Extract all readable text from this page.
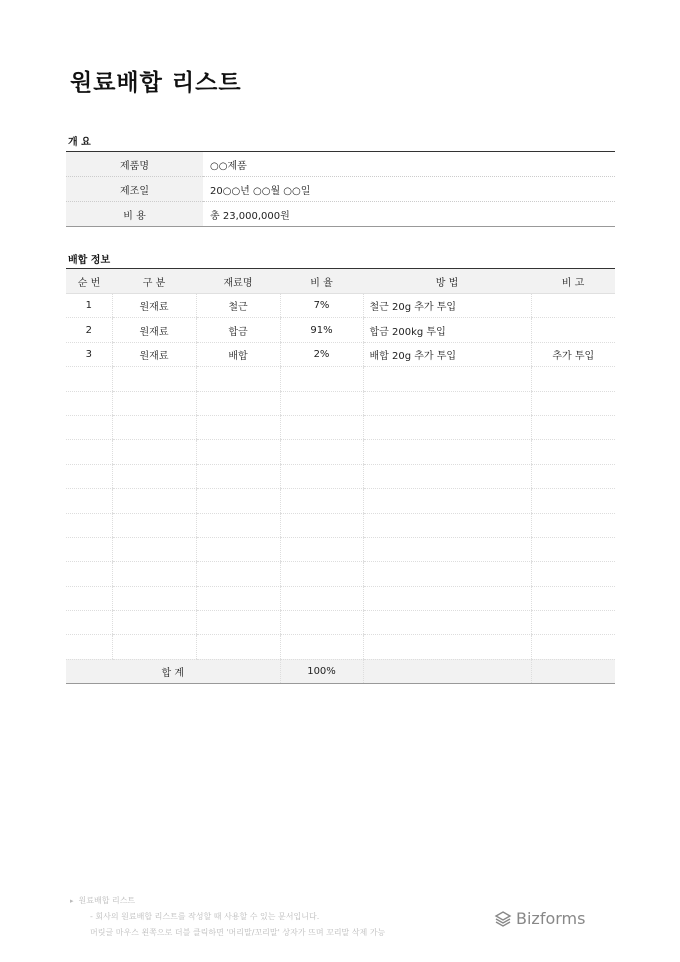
원료배합 리스트
개 요
제품명	○○제품
제조일	20○○년 ○○월 ○○일
비 용	총 23,000,000원
배합 정보
순 번	구 분	재료명	비 율	방 법	비 고
1	원재료	철근	7%	철근 20g 추가 투입	
2	원재료	합금	91%	합금 200kg 투입	
3	원재료	배합	2%	배합 20g 추가 투입	추가 투입

합 계			100%		
▸ 원료배합 리스트
- 회사의 원료배합 리스트를 작성할 때 사용할 수 있는 문서입니다.
머릿글 마우스 왼쪽으로 더블 클릭하면 '머리말/꼬리말' 상자가 뜨며 꼬리말 삭제 가능
Bizforms
